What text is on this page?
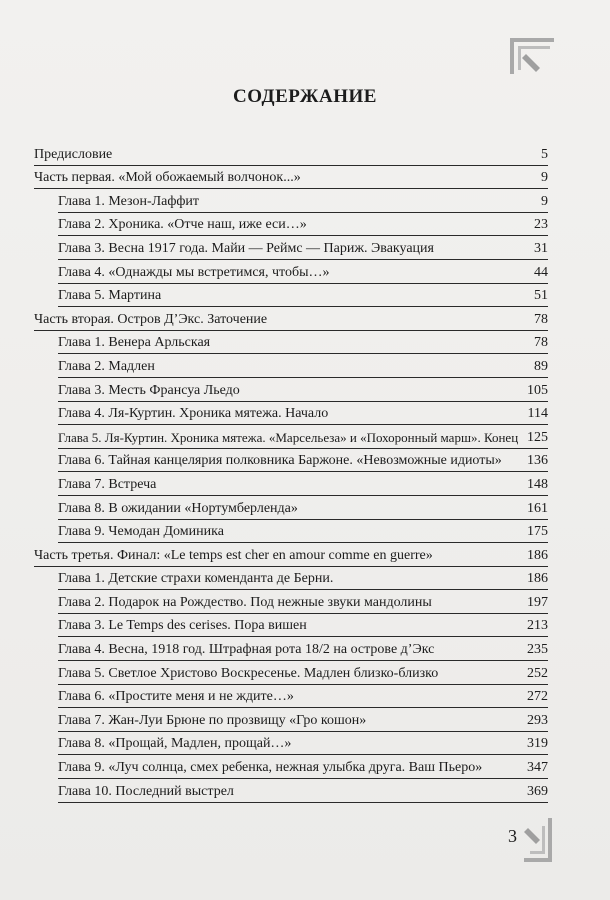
СОДЕРЖАНИЕ
Предисловие	5
Часть первая. «Мой обожаемый волчонок...»	9
Глава 1. Мезон-Лаффит	9
Глава 2. Хроника. «Отче наш, иже еси…»	23
Глава 3. Весна 1917 года. Майи — Реймс — Париж. Эвакуация	31
Глава 4. «Однажды мы встретимся, чтобы…»	44
Глава 5. Мартина	51
Часть вторая. Остров Д’Экс. Заточение	78
Глава 1. Венера Арльская	78
Глава 2. Мадлен	89
Глава 3. Месть Франсуа Льедо	105
Глава 4. Ля-Куртин. Хроника мятежа. Начало	114
Глава 5. Ля-Куртин. Хроника мятежа. «Марсельеза» и «Похоронный марш». Конец 125
Глава 6. Тайная канцелярия полковника Баржоне. «Невозможные идиоты»	136
Глава 7. Встреча	148
Глава 8. В ожидании «Нортумберленда»	161
Глава 9. Чемодан Доминика	175
Часть третья. Финал: «Le temps est cher en amour comme en guerre»	186
Глава 1. Детские страхи коменданта де Берни.	186
Глава 2. Подарок на Рождество. Под нежные звуки мандолины	197
Глава 3. Le Temps des cerises. Пора вишен	213
Глава 4. Весна, 1918 год. Штрафная рота 18/2 на острове д’Экс	235
Глава 5. Светлое Христово Воскресенье. Мадлен близко-близко	252
Глава 6. «Простите меня и не ждите…»	272
Глава 7. Жан-Луи Брюне по прозвищу «Гро кошон»	293
Глава 8. «Прощай, Мадлен, прощай…»	319
Глава 9. «Луч солнца, смех ребенка, нежная улыбка друга. Ваш Пьеро»	347
Глава 10. Последний выстрел	369
3
